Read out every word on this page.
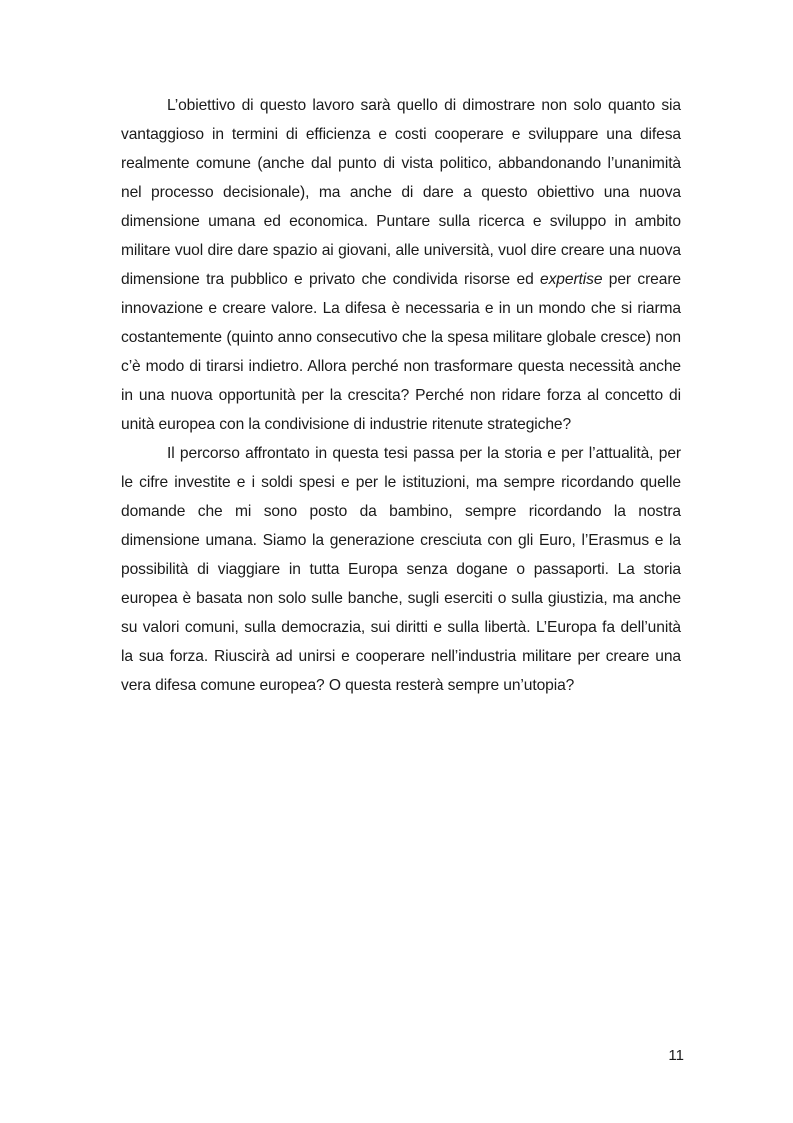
L’obiettivo di questo lavoro sarà quello di dimostrare non solo quanto sia vantaggioso in termini di efficienza e costi cooperare e sviluppare una difesa realmente comune (anche dal punto di vista politico, abbandonando l’unanimità nel processo decisionale), ma anche di dare a questo obiettivo una nuova dimensione umana ed economica. Puntare sulla ricerca e sviluppo in ambito militare vuol dire dare spazio ai giovani, alle università, vuol dire creare una nuova dimensione tra pubblico e privato che condivida risorse ed expertise per creare innovazione e creare valore. La difesa è necessaria e in un mondo che si riarma costantemente (quinto anno consecutivo che la spesa militare globale cresce) non c’è modo di tirarsi indietro. Allora perché non trasformare questa necessità anche in una nuova opportunità per la crescita? Perché non ridare forza al concetto di unità europea con la condivisione di industrie ritenute strategiche?

Il percorso affrontato in questa tesi passa per la storia e per l’attualità, per le cifre investite e i soldi spesi e per le istituzioni, ma sempre ricordando quelle domande che mi sono posto da bambino, sempre ricordando la nostra dimensione umana. Siamo la generazione cresciuta con gli Euro, l’Erasmus e la possibilità di viaggiare in tutta Europa senza dogane o passaporti. La storia europea è basata non solo sulle banche, sugli eserciti o sulla giustizia, ma anche su valori comuni, sulla democrazia, sui diritti e sulla libertà. L’Europa fa dell’unità la sua forza. Riuscirà ad unirsi e cooperare nell’industria militare per creare una vera difesa comune europea? O questa resterà sempre un’utopia?

11
